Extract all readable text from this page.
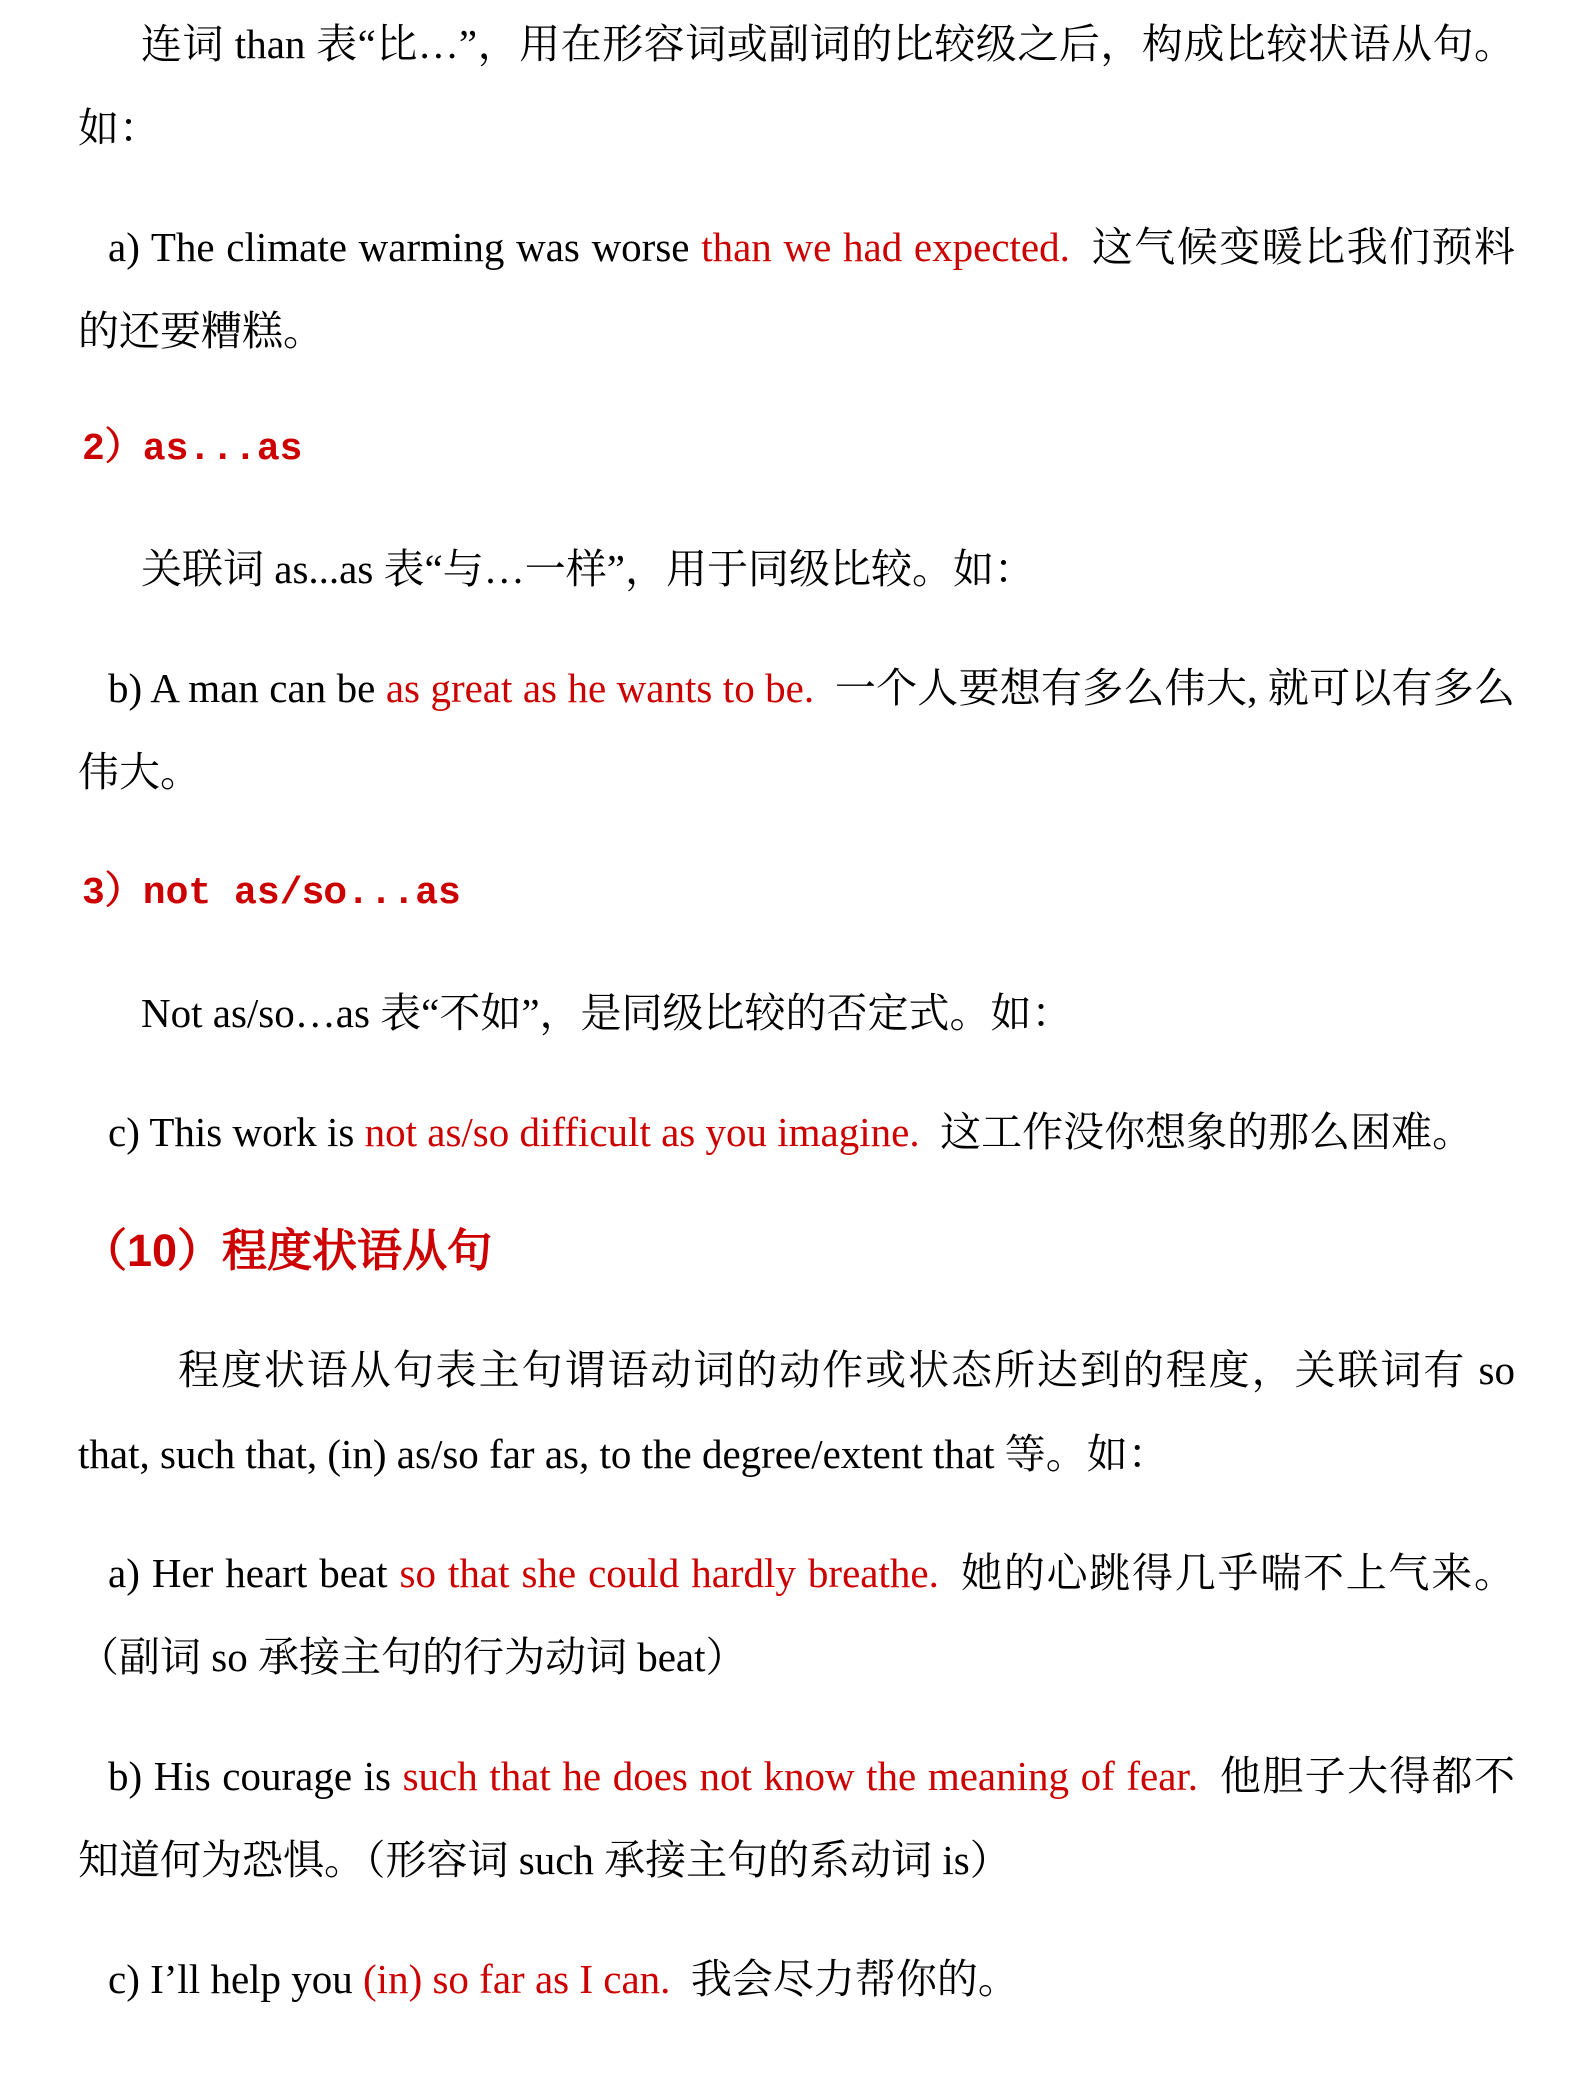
连词 than 表“比…”，用在形容词或副词的比较级之后，构成比较状语从句。如：

a) The climate warming was worse than we had expected. 这气候变暖比我们预料的还要糟糕。

2）as...as

关联词 as...as 表“与…一样”，用于同级比较。如：

b) A man can be as great as he wants to be. 一个人要想有多么伟大, 就可以有多么伟大。

3）not as/so...as

Not as/so…as 表“不如”，是同级比较的否定式。如：

c) This work is not as/so difficult as you imagine. 这工作没你想象的那么困难。

（10）程度状语从句

程度状语从句表主句谓语动词的动作或状态所达到的程度，关联词有 so that, such that, (in) as/so far as, to the degree/extent that 等。如：

a) Her heart beat so that she could hardly breathe. 她的心跳得几乎喘不上气来。（副词 so 承接主句的行为动词 beat）

b) His courage is such that he does not know the meaning of fear. 他胆子大得都不知道何为恐惧。（形容词 such 承接主句的系动词 is）

c) I’ll help you (in) so far as I can. 我会尽力帮你的。
